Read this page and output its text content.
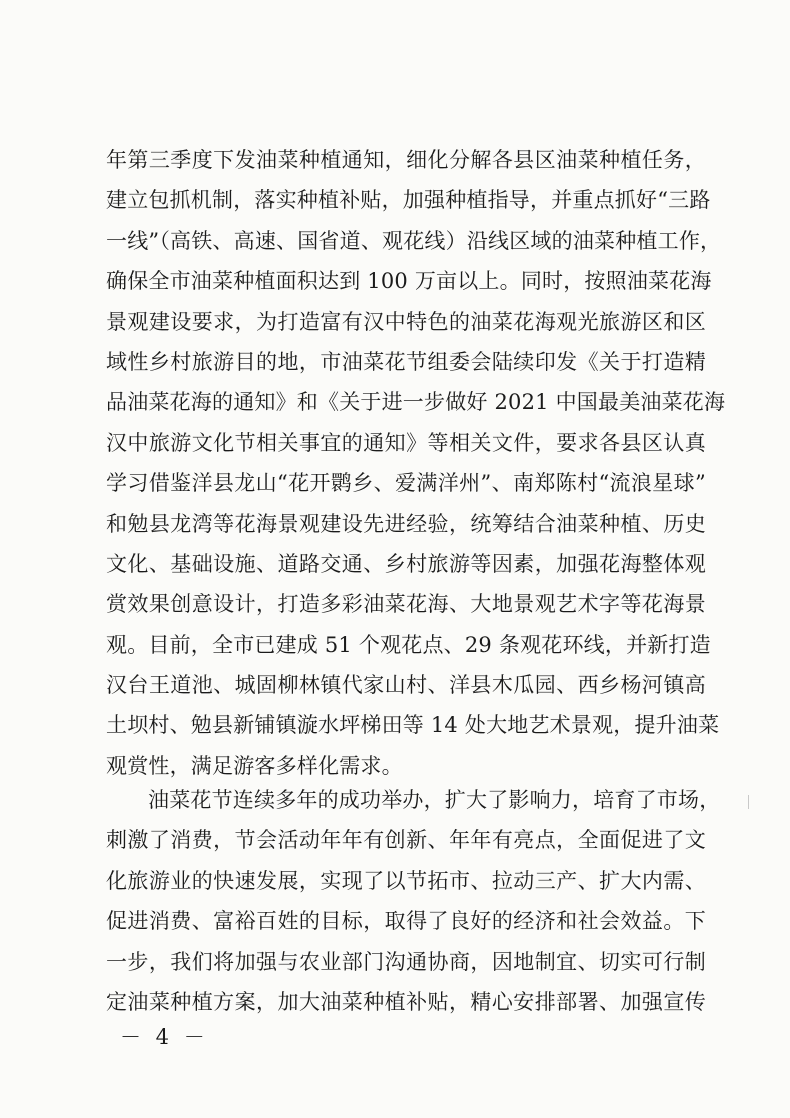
年第三季度下发油菜种植通知，细化分解各县区油菜种植任务，
建立包抓机制，落实种植补贴，加强种植指导，并重点抓好“三路
一线”（高铁、高速、国省道、观花线）沿线区域的油菜种植工作，
确保全市油菜种植面积达到 100 万亩以上。同时，按照油菜花海
景观建设要求，为打造富有汉中特色的油菜花海观光旅游区和区
域性乡村旅游目的地，市油菜花节组委会陆续印发《关于打造精
品油菜花海的通知》和《关于进一步做好 2021 中国最美油菜花海
汉中旅游文化节相关事宜的通知》等相关文件，要求各县区认真
学习借鉴洋县龙山“花开鹮乡、爱满洋州”、南郑陈村“流浪星球”
和勉县龙湾等花海景观建设先进经验，统筹结合油菜种植、历史
文化、基础设施、道路交通、乡村旅游等因素，加强花海整体观
赏效果创意设计，打造多彩油菜花海、大地景观艺术字等花海景
观。目前，全市已建成 51 个观花点、29 条观花环线，并新打造
汉台王道池、城固柳林镇代家山村、洋县木瓜园、西乡杨河镇高
土坝村、勉县新铺镇漩水坪梯田等 14 处大地艺术景观，提升油菜
观赏性，满足游客多样化需求。
油菜花节连续多年的成功举办，扩大了影响力，培育了市场，
刺激了消费，节会活动年年有创新、年年有亮点，全面促进了文
化旅游业的快速发展，实现了以节拓市、拉动三产、扩大内需、
促进消费、富裕百姓的目标，取得了良好的经济和社会效益。下
一步，我们将加强与农业部门沟通协商，因地制宜、切实可行制
定油菜种植方案，加大油菜种植补贴，精心安排部署、加强宣传
－ 4 －
